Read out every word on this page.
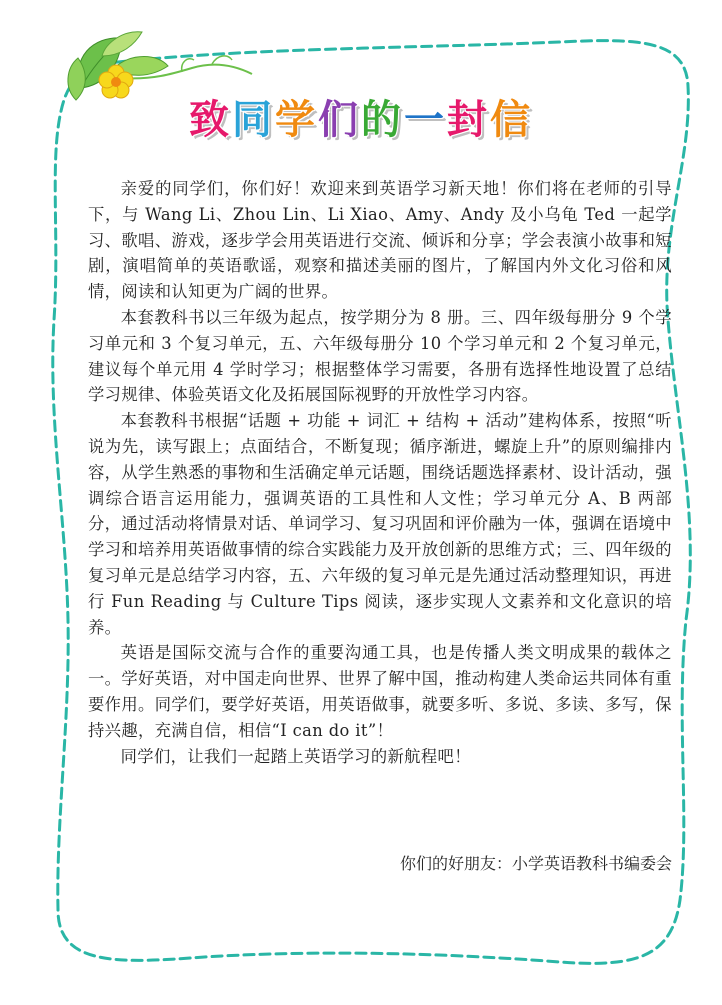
致同学们的一封信

亲爱的同学们，你们好！欢迎来到英语学习新天地！你们将在老师的引导下，与 Wang Li、Zhou Lin、Li Xiao、Amy、Andy 及小乌龟 Ted 一起学习、歌唱、游戏，逐步学会用英语进行交流、倾诉和分享；学会表演小故事和短剧，演唱简单的英语歌谣，观察和描述美丽的图片，了解国内外文化习俗和风情，阅读和认知更为广阔的世界。

本套教科书以三年级为起点，按学期分为 8 册。三、四年级每册分 9 个学习单元和 3 个复习单元，五、六年级每册分 10 个学习单元和 2 个复习单元，建议每个单元用 4 学时学习；根据整体学习需要，各册有选择性地设置了总结学习规律、体验英语文化及拓展国际视野的开放性学习内容。

本套教科书根据“话题 + 功能 + 词汇 + 结构 + 活动”建构体系，按照“听说为先，读写跟上；点面结合，不断复现；循序渐进，螺旋上升”的原则编排内容，从学生熟悉的事物和生活确定单元话题，围绕话题选择素材、设计活动，强调综合语言运用能力，强调英语的工具性和人文性；学习单元分 A、B 两部分，通过活动将情景对话、单词学习、复习巩固和评价融为一体，强调在语境中学习和培养用英语做事情的综合实践能力及开放创新的思维方式；三、四年级的复习单元是总结学习内容，五、六年级的复习单元是先通过活动整理知识，再进行 Fun Reading 与 Culture Tips 阅读，逐步实现人文素养和文化意识的培养。

英语是国际交流与合作的重要沟通工具，也是传播人类文明成果的载体之一。学好英语，对中国走向世界、世界了解中国，推动构建人类命运共同体有重要作用。同学们，要学好英语，用英语做事，就要多听、多说、多读、多写，保持兴趣，充满自信，相信“I can do it”！

同学们，让我们一起踏上英语学习的新航程吧！

你们的好朋友：小学英语教科书编委会
